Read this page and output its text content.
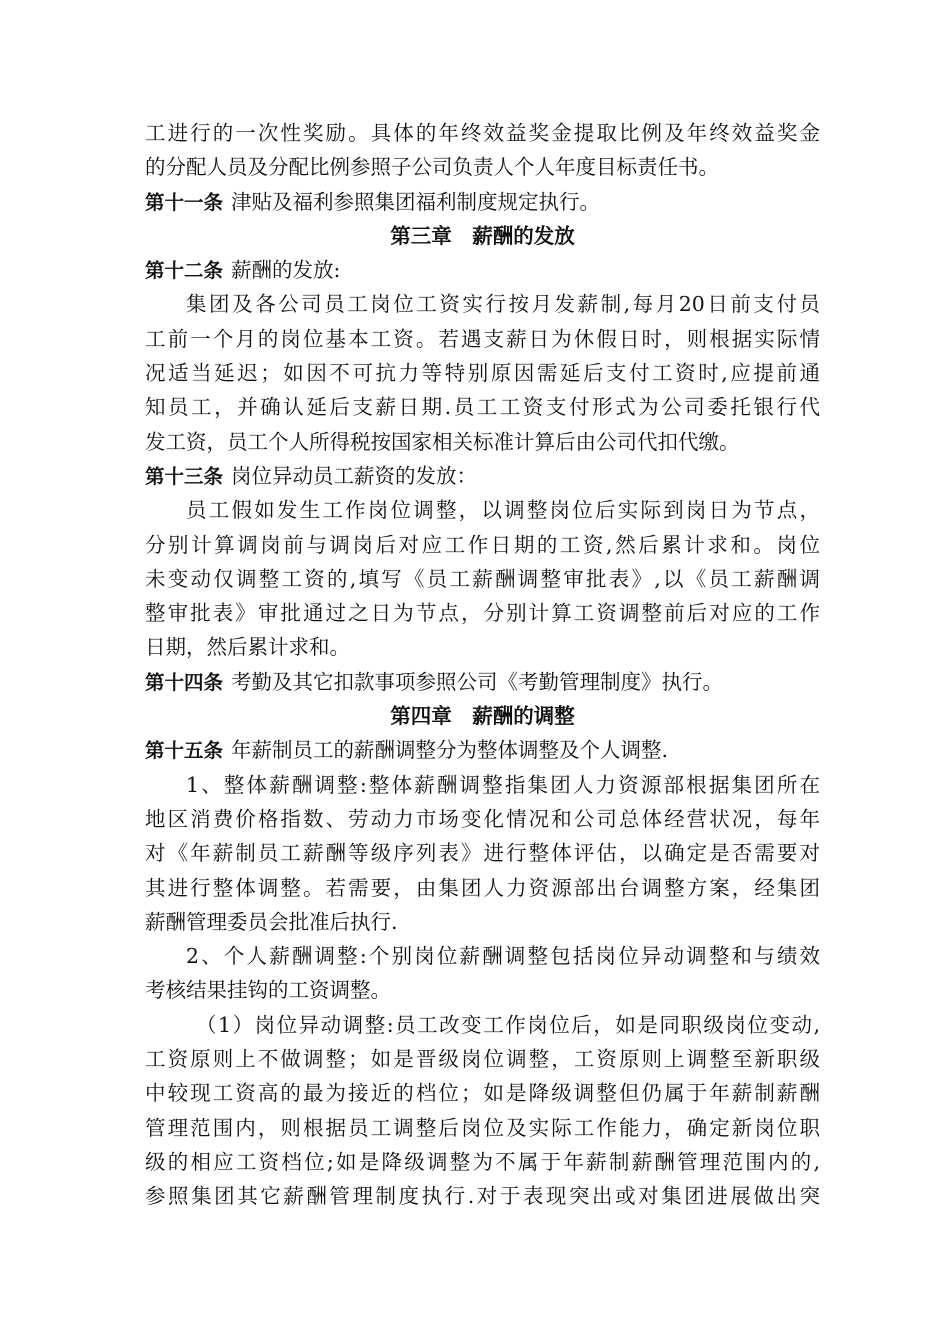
工进行的一次性奖励。具体的年终效益奖金提取比例及年终效益奖金
的分配人员及分配比例参照子公司负责人个人年度目标责任书。
第十一条 津贴及福利参照集团福利制度规定执行。
第三章　薪酬的发放
第十二条 薪酬的发放:
集团及各公司员工岗位工资实行按月发薪制,每月20日前支付员
工前一个月的岗位基本工资。若遇支薪日为休假日时，则根据实际情
况适当延迟；如因不可抗力等特别原因需延后支付工资时,应提前通
知员工，并确认延后支薪日期.员工工资支付形式为公司委托银行代
发工资，员工个人所得税按国家相关标准计算后由公司代扣代缴。
第十三条 岗位异动员工薪资的发放：
员工假如发生工作岗位调整，以调整岗位后实际到岗日为节点，
分别计算调岗前与调岗后对应工作日期的工资,然后累计求和。岗位
未变动仅调整工资的,填写《员工薪酬调整审批表》,以《员工薪酬调
整审批表》审批通过之日为节点，分别计算工资调整前后对应的工作
日期，然后累计求和。
第十四条 考勤及其它扣款事项参照公司《考勤管理制度》执行。
第四章　薪酬的调整
第十五条 年薪制员工的薪酬调整分为整体调整及个人调整.
1、整体薪酬调整:整体薪酬调整指集团人力资源部根据集团所在
地区消费价格指数、劳动力市场变化情况和公司总体经营状况，每年
对《年薪制员工薪酬等级序列表》进行整体评估，以确定是否需要对
其进行整体调整。若需要，由集团人力资源部出台调整方案，经集团
薪酬管理委员会批准后执行.
2、个人薪酬调整:个别岗位薪酬调整包括岗位异动调整和与绩效
考核结果挂钩的工资调整。
（1）岗位异动调整:员工改变工作岗位后，如是同职级岗位变动,
工资原则上不做调整；如是晋级岗位调整，工资原则上调整至新职级
中较现工资高的最为接近的档位；如是降级调整但仍属于年薪制薪酬
管理范围内，则根据员工调整后岗位及实际工作能力，确定新岗位职
级的相应工资档位;如是降级调整为不属于年薪制薪酬管理范围内的,
参照集团其它薪酬管理制度执行.对于表现突出或对集团进展做出突
